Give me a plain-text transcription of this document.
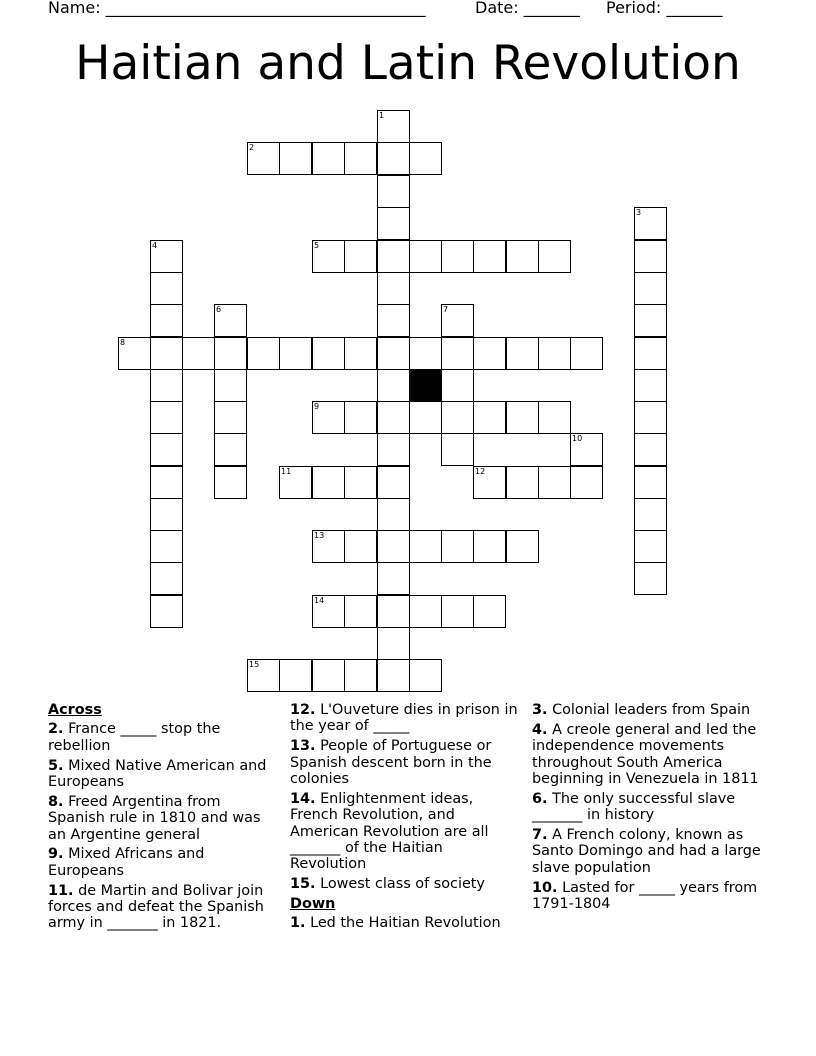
Name: ________________________________________	Date: _______ Period: _______
Haitian and Latin Revolution
1
2
3
4	5
6	7
8
9
10
11	12
13
14
15
Across
2. France _____ stop the rebellion
5. Mixed Native American and Europeans
8. Freed Argentina from Spanish rule in 1810 and was an Argentine general
9. Mixed Africans and Europeans
11. de Martin and Bolivar join forces and defeat the Spanish army in _______ in 1821.
12. L'Ouveture dies in prison in the year of _____
13. People of Portuguese or Spanish descent born in the colonies
14. Enlightenment ideas, French Revolution, and American Revolution are all _______ of the Haitian Revolution
15. Lowest class of society
Down
1. Led the Haitian Revolution
3. Colonial leaders from Spain
4. A creole general and led the independence movements throughout South America beginning in Venezuela in 1811
6. The only successful slave _______ in history
7. A French colony, known as Santo Domingo and had a large slave population
10. Lasted for _____ years from 1791-1804
